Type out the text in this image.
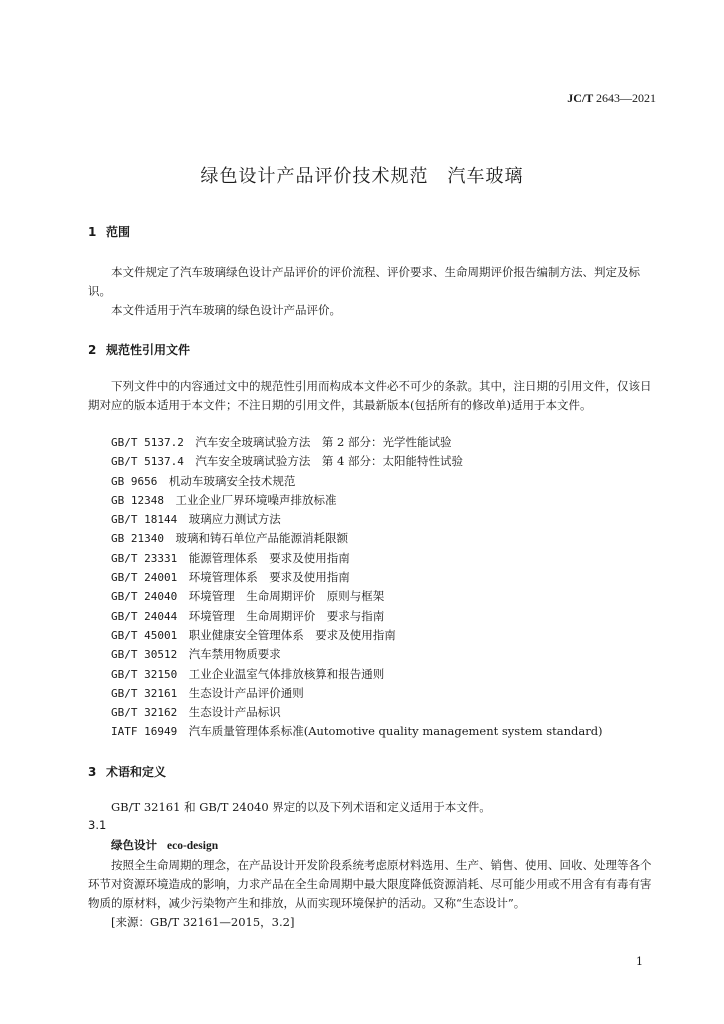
JC/T 2643—2021
绿色设计产品评价技术规范　汽车玻璃
1 范围
本文件规定了汽车玻璃绿色设计产品评价的评价流程、评价要求、生命周期评价报告编制方法、判定及标识。
本文件适用于汽车玻璃的绿色设计产品评价。
2 规范性引用文件
下列文件中的内容通过文中的规范性引用而构成本文件必不可少的条款。其中，注日期的引用文件，仅该日期对应的版本适用于本文件；不注日期的引用文件，其最新版本(包括所有的修改单)适用于本文件。
GB/T 5137.2　 汽车安全玻璃试验方法　第 2 部分：光学性能试验
GB/T 5137.4　 汽车安全玻璃试验方法　第 4 部分：太阳能特性试验
GB 9656　 机动车玻璃安全技术规范
GB 12348　 工业企业厂界环境噪声排放标准
GB/T 18144　 玻璃应力测试方法
GB 21340　 玻璃和铸石单位产品能源消耗限额
GB/T 23331　 能源管理体系　要求及使用指南
GB/T 24001　 环境管理体系　要求及使用指南
GB/T 24040　 环境管理　生命周期评价　原则与框架
GB/T 24044　 环境管理　生命周期评价　要求与指南
GB/T 45001　 职业健康安全管理体系　要求及使用指南
GB/T 30512　 汽车禁用物质要求
GB/T 32150　 工业企业温室气体排放核算和报告通则
GB/T 32161　 生态设计产品评价通则
GB/T 32162　 生态设计产品标识
IATF 16949　 汽车质量管理体系标准(Automotive quality management system standard)
3 术语和定义
GB/T 32161 和 GB/T 24040 界定的以及下列术语和定义适用于本文件。
3.1
绿色设计 eco-design
按照全生命周期的理念，在产品设计开发阶段系统考虑原材料选用、生产、销售、使用、回收、处理等各个环节对资源环境造成的影响，力求产品在全生命周期中最大限度降低资源消耗、尽可能少用或不用含有有毒有害物质的原材料，减少污染物产生和排放，从而实现环境保护的活动。又称“生态设计”。
[来源：GB/T 32161—2015，3.2]
1
